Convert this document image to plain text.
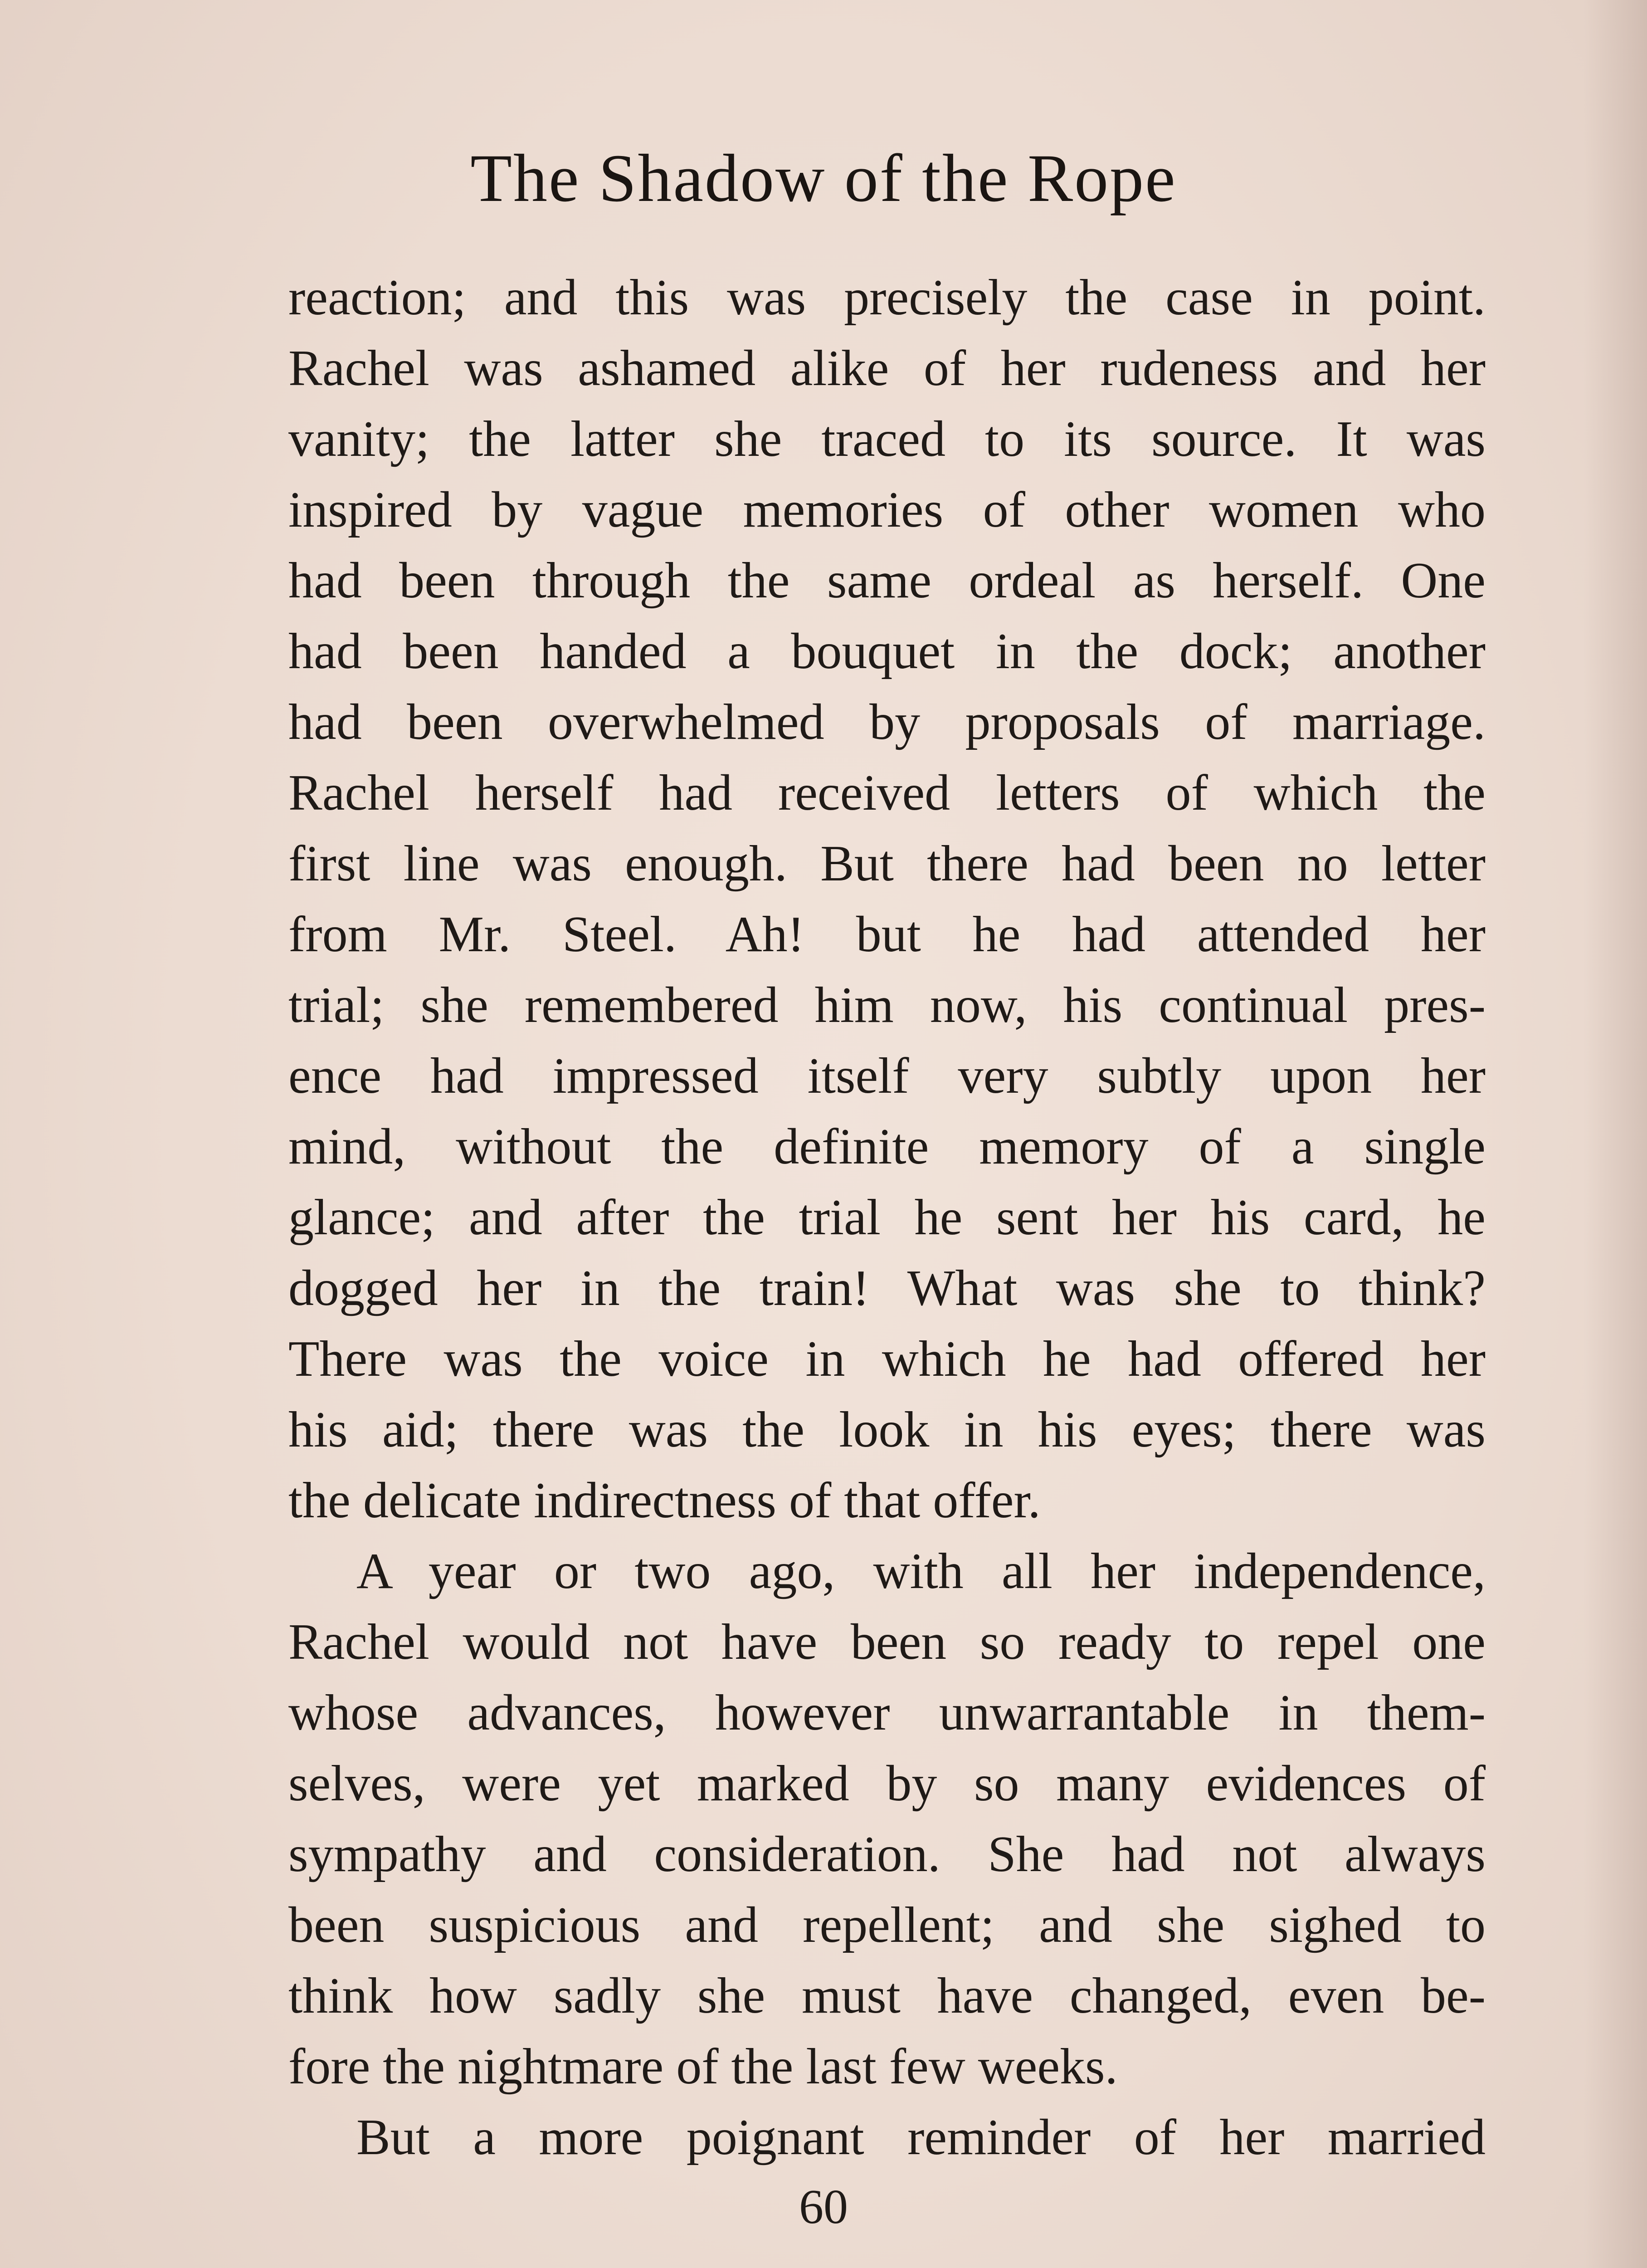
The Shadow of the Rope
reaction; and this was precisely the case in point.
Rachel was ashamed alike of her rudeness and her
vanity; the latter she traced to its source. It was
inspired by vague memories of other women who
had been through the same ordeal as herself. One
had been handed a bouquet in the dock; another
had been overwhelmed by proposals of marriage.
Rachel herself had received letters of which the
first line was enough. But there had been no letter
from Mr. Steel. Ah! but he had attended her
trial; she remembered him now, his continual pres-
ence had impressed itself very subtly upon her
mind, without the definite memory of a single
glance; and after the trial he sent her his card, he
dogged her in the train! What was she to think?
There was the voice in which he had offered her
his aid; there was the look in his eyes; there was
the delicate indirectness of that offer.
A year or two ago, with all her independence,
Rachel would not have been so ready to repel one
whose advances, however unwarrantable in them-
selves, were yet marked by so many evidences of
sympathy and consideration. She had not always
been suspicious and repellent; and she sighed to
think how sadly she must have changed, even be-
fore the nightmare of the last few weeks.
But a more poignant reminder of her married
60
